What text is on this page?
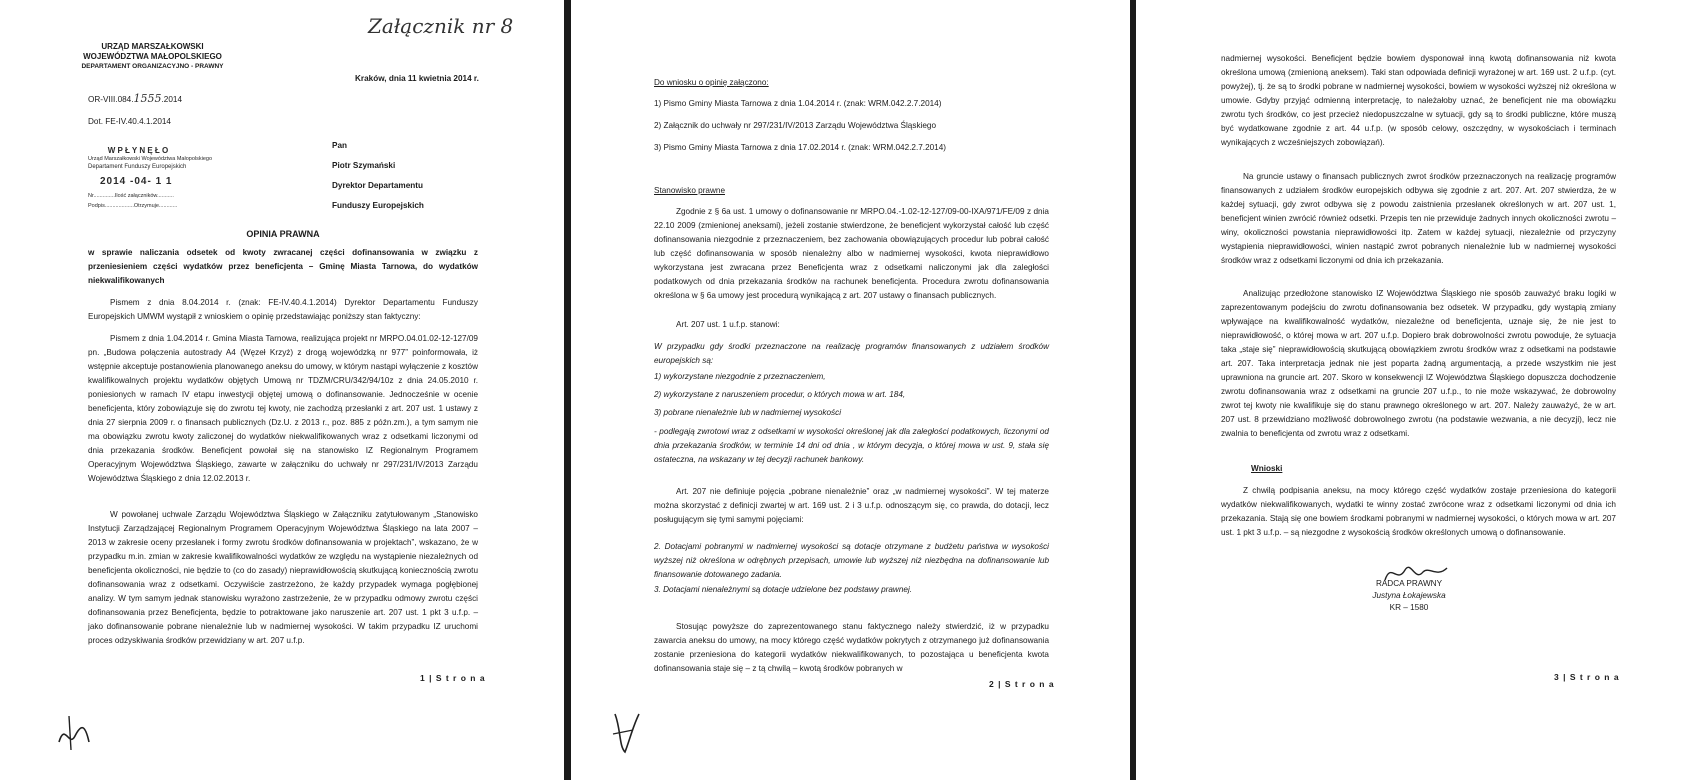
Załącznik nr 8
URZĄD MARSZAŁKOWSKI
WOJEWÓDZTWA MAŁOPOLSKIEGO
DEPARTAMENT ORGANIZACYJNO - PRAWNY
Kraków, dnia 11 kwietnia 2014 r.
OR-VIII.084.1555.2014
Dot. FE-IV.40.4.1.2014
W P Ł Y N Ę Ł O
Urząd Marszałkowski Województwa Małopolskiego
Departament Funduszy Europejskich
2014 -04- 1 1
Nr..............Ilość załączników...........
Podpis...................Otrzymuje............
Pan
Piotr Szymański
Dyrektor Departamentu
Funduszy Europejskich
OPINIA PRAWNA
w sprawie naliczania odsetek od kwoty zwracanej części dofinansowania w związku z przeniesieniem części wydatków przez beneficjenta – Gminę Miasta Tarnowa, do wydatków niekwalifikowanych
Pismem z dnia 8.04.2014 r. (znak: FE-IV.40.4.1.2014) Dyrektor Departamentu Funduszy Europejskich UMWM wystąpił z wnioskiem o opinię przedstawiając poniższy stan faktyczny:
Pismem z dnia 1.04.2014 r. Gmina Miasta Tarnowa, realizująca projekt nr MRPO.04.01.02-12-127/09 pn. „Budowa połączenia autostrady A4 (Węzeł Krzyż) z drogą wojewódzką nr 977” poinformowała, iż wstępnie akceptuje postanowienia planowanego aneksu do umowy, w którym nastąpi wyłączenie z kosztów kwalifikowalnych projektu wydatków objętych Umową nr TDZM/CRU/342/94/10z z dnia 24.05.2010 r. poniesionych w ramach IV etapu inwestycji objętej umową o dofinansowanie. Jednocześnie w ocenie beneficjenta, który zobowiązuje się do zwrotu tej kwoty, nie zachodzą przesłanki z art. 207 ust. 1 ustawy z dnia 27 sierpnia 2009 r. o finansach publicznych (Dz.U. z 2013 r., poz. 885 z późn.zm.), a tym samym nie ma obowiązku zwrotu kwoty zaliczonej do wydatków niekwalifikowanych wraz z odsetkami liczonymi od dnia przekazania środków. Beneficjent powołał się na stanowisko IZ Regionalnym Programem Operacyjnym Województwa Śląskiego, zawarte w załączniku do uchwały nr 297/231/IV/2013 Zarządu Województwa Śląskiego z dnia 12.02.2013 r.
W powołanej uchwale Zarządu Województwa Śląskiego w Załączniku zatytułowanym „Stanowisko Instytucji Zarządzającej Regionalnym Programem Operacyjnym Województwa Śląskiego na lata 2007 – 2013 w zakresie oceny przesłanek i formy zwrotu środków dofinansowania w projektach”, wskazano, że w przypadku m.in. zmian w zakresie kwalifikowalności wydatków ze względu na wystąpienie niezależnych od beneficjenta okoliczności, nie będzie to (co do zasady) nieprawidłowością skutkującą koniecznością zwrotu dofinansowania wraz z odsetkami. Oczywiście zastrzeżono, że każdy przypadek wymaga pogłębionej analizy. W tym samym jednak stanowisku wyrażono zastrzeżenie, że w przypadku odmowy zwrotu części dofinansowania przez Beneficjenta, będzie to potraktowane jako naruszenie art. 207 ust. 1 pkt 3 u.f.p. – jako dofinansowanie pobrane nienależnie lub w nadmiernej wysokości. W takim przypadku IZ uruchomi proces odzyskiwania środków przewidziany w art. 207 u.f.p.
1 | S t r o n a
Do wniosku o opinię załączono:
1) Pismo Gminy Miasta Tarnowa z dnia 1.04.2014 r. (znak: WRM.042.2.7.2014)
2) Załącznik do uchwały nr 297/231/IV/2013 Zarządu Województwa Śląskiego
3) Pismo Gminy Miasta Tarnowa z dnia 17.02.2014 r. (znak: WRM.042.2.7.2014)
Stanowisko prawne
Zgodnie z § 6a ust. 1 umowy o dofinansowanie nr MRPO.04.-1.02-12-127/09-00-IXA/971/FE/09 z dnia 22.10 2009 (zmienionej aneksami), jeżeli zostanie stwierdzone, że beneficjent wykorzystał całość lub część dofinansowania niezgodnie z przeznaczeniem, bez zachowania obowiązujących procedur lub pobrał całość lub część dofinansowania w sposób nienależny albo w nadmiernej wysokości, kwota nieprawidłowo wykorzystana jest zwracana przez Beneficjenta wraz z odsetkami naliczonymi jak dla zaległości podatkowych od dnia przekazania środków na rachunek beneficjenta. Procedura zwrotu dofinansowania określona w § 6a umowy jest procedurą wynikającą z art. 207 ustawy o finansach publicznych.
Art. 207 ust. 1 u.f.p. stanowi:
W przypadku gdy środki przeznaczone na realizację programów finansowanych z udziałem środków europejskich są:
1) wykorzystane niezgodnie z przeznaczeniem,
2) wykorzystane z naruszeniem procedur, o których mowa w art. 184,
3) pobrane nienależnie lub w nadmiernej wysokości
- podlegają zwrotowi wraz z odsetkami w wysokości określonej jak dla zaległości podatkowych, liczonymi od dnia przekazania środków, w terminie 14 dni od dnia , w którym decyzja, o której mowa w ust. 9, stała się ostateczna, na wskazany w tej decyzji rachunek bankowy.
Art. 207 nie definiuje pojęcia „pobrane nienależnie” oraz „w nadmiernej wysokości”. W tej materze można skorzystać z definicji zwartej w art. 169 ust. 2 i 3 u.f.p. odnoszącym się, co prawda, do dotacji, lecz posługującym się tymi samymi pojęciami:
2. Dotacjami pobranymi w nadmiernej wysokości są dotacje otrzymane z budżetu państwa w wysokości wyższej niż określona w odrębnych przepisach, umowie lub wyższej niż niezbędna na dofinansowanie lub finansowanie dotowanego zadania.
3. Dotacjami nienależnymi są dotacje udzielone bez podstawy prawnej.
Stosując powyższe do zaprezentowanego stanu faktycznego należy stwierdzić, iż w przypadku zawarcia aneksu do umowy, na mocy którego część wydatków pokrytych z otrzymanego już dofinansowania zostanie przeniesiona do kategorii wydatków niekwalifikowanych, to pozostająca u beneficjenta kwota dofinansowania staje się – z tą chwilą – kwotą środków pobranych w
2 | S t r o n a
nadmiernej wysokości. Beneficjent będzie bowiem dysponował inną kwotą dofinansowania niż kwota określona umową (zmienioną aneksem). Taki stan odpowiada definicji wyrażonej w art. 169 ust. 2 u.f.p. (cyt. powyżej), tj. że są to środki pobrane w nadmiernej wysokości, bowiem w wysokości wyższej niż określona w umowie. Gdyby przyjąć odmienną interpretację, to należałoby uznać, że beneficjent nie ma obowiązku zwrotu tych środków, co jest przecież niedopuszczalne w sytuacji, gdy są to środki publiczne, które muszą być wydatkowane zgodnie z art. 44 u.f.p. (w sposób celowy, oszczędny, w wysokościach i terminach wynikających z wcześniejszych zobowiązań).
Na gruncie ustawy o finansach publicznych zwrot środków przeznaczonych na realizację programów finansowanych z udziałem środków europejskich odbywa się zgodnie z art. 207. Art. 207 stwierdza, że w każdej sytuacji, gdy zwrot odbywa się z powodu zaistnienia przesłanek określonych w art. 207 ust. 1, beneficjent winien zwrócić również odsetki. Przepis ten nie przewiduje żadnych innych okoliczności zwrotu – winy, okoliczności powstania nieprawidłowości itp. Zatem w każdej sytuacji, niezależnie od przyczyny wystąpienia nieprawidłowości, winien nastąpić zwrot pobranych nienależnie lub w nadmiernej wysokości środków wraz z odsetkami liczonymi od dnia ich przekazania.
Analizując przedłożone stanowisko IZ Województwa Śląskiego nie sposób zauważyć braku logiki w zaprezentowanym podejściu do zwrotu dofinansowania bez odsetek. W przypadku, gdy wystąpią zmiany wpływające na kwalifikowalność wydatków, niezależne od beneficjenta, uznaje się, że nie jest to nieprawidłowość, o której mowa w art. 207 u.f.p. Dopiero brak dobrowolności zwrotu powoduje, że sytuacja taka „staje się” nieprawidłowością skutkującą obowiązkiem zwrotu środków wraz z odsetkami na podstawie art. 207. Taka interpretacja jednak nie jest poparta żadną argumentacją, a przede wszystkim nie jest uprawniona na gruncie art. 207. Skoro w konsekwencji IZ Województwa Śląskiego dopuszcza dochodzenie zwrotu dofinansowania wraz z odsetkami na gruncie 207 u.f.p., to nie może wskazywać, że dobrowolny zwrot tej kwoty nie kwalifikuje się do stanu prawnego określonego w art. 207. Należy zauważyć, że w art. 207 ust. 8 przewidziano możliwość dobrowolnego zwrotu (na podstawie wezwania, a nie decyzji), lecz nie zwalnia to beneficjenta od zwrotu wraz z odsetkami.
Wnioski
Z chwilą podpisania aneksu, na mocy którego część wydatków zostaje przeniesiona do kategorii wydatków niekwalifikowanych, wydatki te winny zostać zwrócone wraz z odsetkami liczonymi od dnia ich przekazania. Stają się one bowiem środkami pobranymi w nadmiernej wysokości, o których mowa w art. 207 ust. 1 pkt 3 u.f.p. – są niezgodne z wysokością środków określonych umową o dofinansowanie.
RADCA PRAWNY
Justyna Łokajewska
KR – 1580
3 | S t r o n a
